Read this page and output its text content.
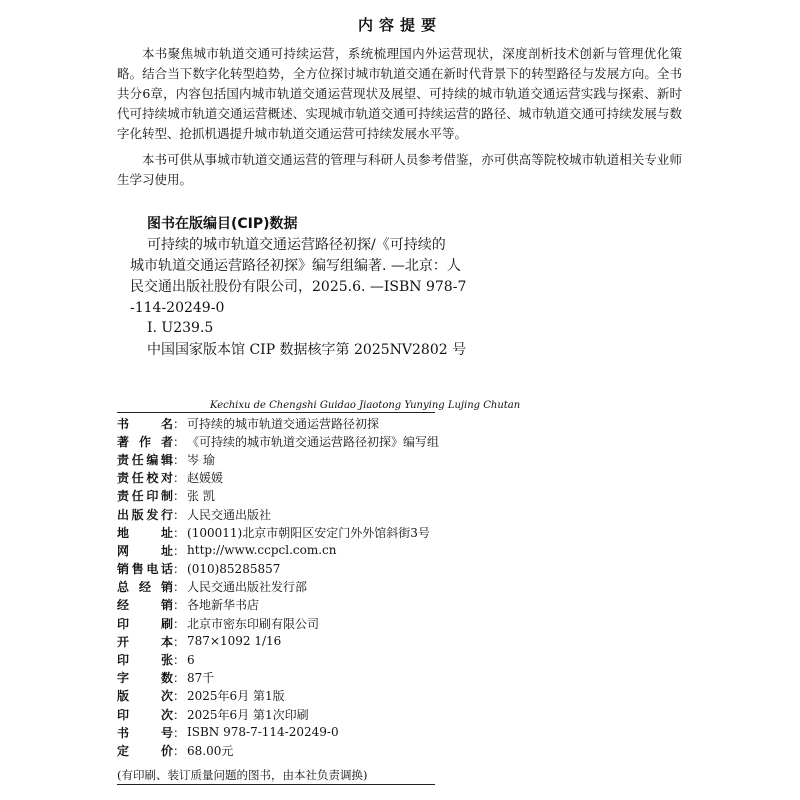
内容提要

本书聚焦城市轨道交通可持续运营，系统梳理国内外运营现状，深度剖析技术创新与管理优化策略。结合当下数字化转型趋势，全方位探讨城市轨道交通在新时代背景下的转型路径与发展方向。全书共分6章，内容包括国内城市轨道交通运营现状及展望、可持续的城市轨道交通运营实践与探索、新时代可持续城市轨道交通运营概述、实现城市轨道交通可持续运营的路径、城市轨道交通可持续发展与数字化转型、抢抓机遇提升城市轨道交通运营可持续发展水平等。

本书可供从事城市轨道交通运营的管理与科研人员参考借鉴，亦可供高等院校城市轨道相关专业师生学习使用。

图书在版编目(CIP)数据
可持续的城市轨道交通运营路径初探/《可持续的
城市轨道交通运营路径初探》编写组编著. —北京：人
民交通出版社股份有限公司，2025.6. —ISBN 978-7
-114-20249-0
Ⅰ. U239.5
中国国家版本馆 CIP 数据核字第 2025NV2802 号
Kechixu de Chengshi Guidao Jiaotong Yunying Lujing Chutan
书	名 ： 可持续的城市轨道交通运营路径初探
著 作 者 ： 《可持续的城市轨道交通运营路径初探》编写组
责 任 编 辑 ： 岑 瑜
责 任 校 对 ： 赵媛媛
责 任 印 制 ： 张 凯
出 版 发 行 ： 人民交通出版社
地	址 ： (100011)北京市朝阳区安定门外外馆斜街3号
网	址 ： http://www.ccpcl.com.cn
销 售 电 话 ： (010)85285857
总 经 销 ： 人民交通出版社发行部
经	销 ： 各地新华书店
印	刷 ： 北京市密东印刷有限公司
开	本 ： 787×1092 1/16
印	张 ： 6
字	数 ： 87千
版	次 ： 2025年6月 第1版
印	次 ： 2025年6月 第1次印刷
书	号 ： ISBN 978-7-114-20249-0
定	价 ： 68.00元
(有印刷、装订质量问题的图书，由本社负责调换)
